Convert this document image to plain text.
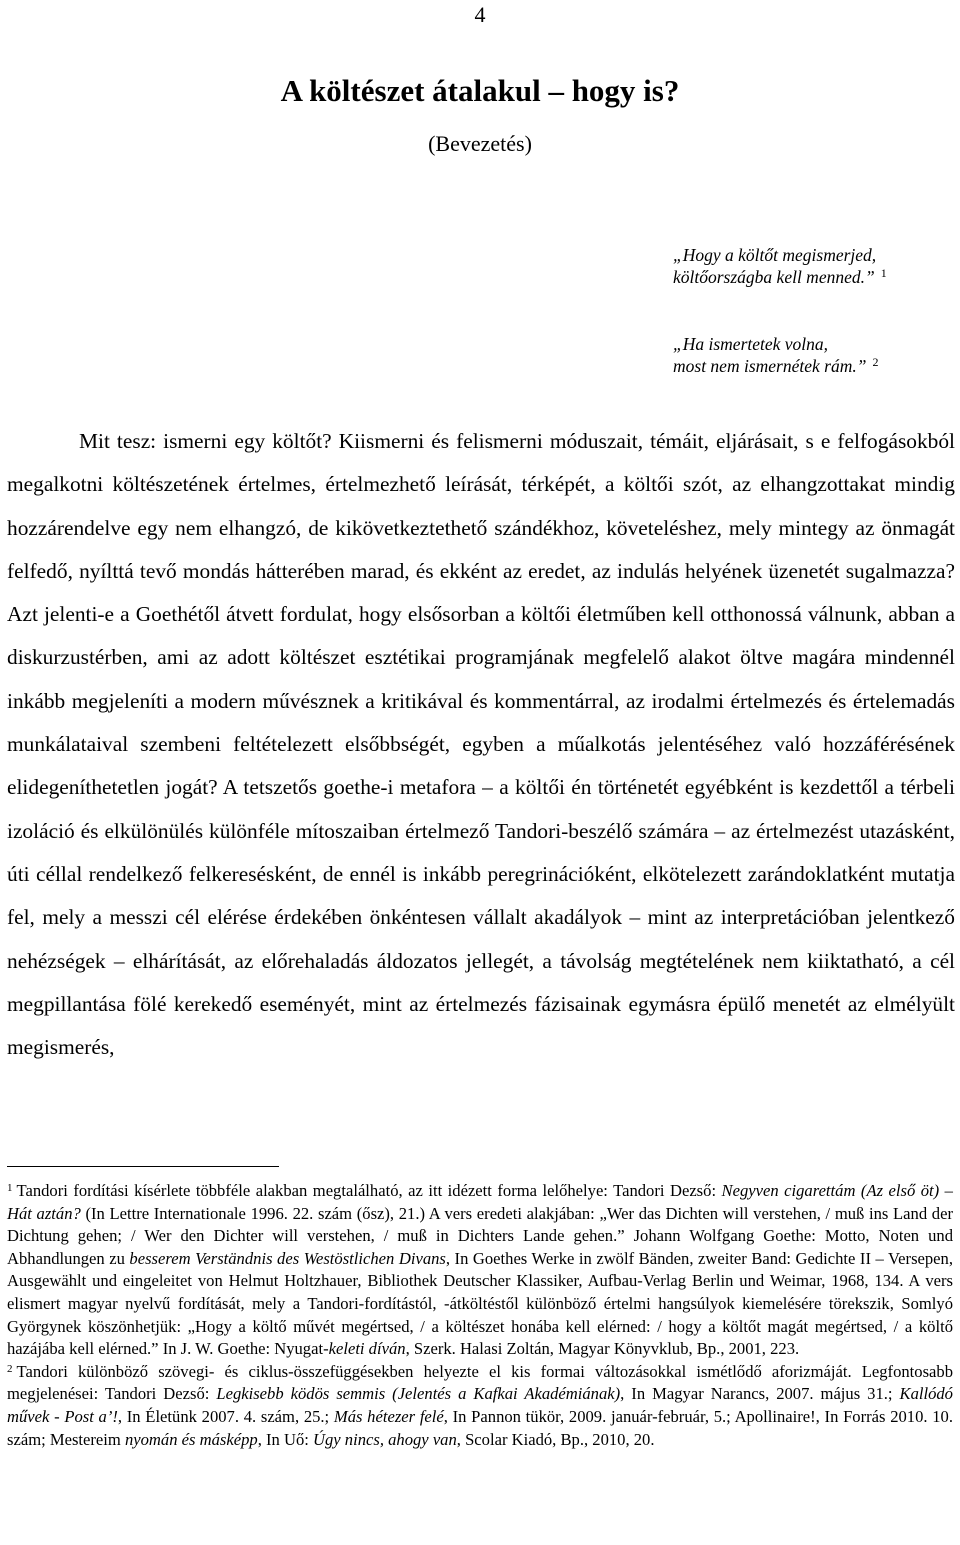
4
A költészet átalakul – hogy is?
(Bevezetés)
„Hogy a költőt megismerjed,
költőországba kell menned.” $^1$
„Ha ismertetek volna,
most nem ismernétek rám.” $^2$

Mit tesz: ismerni egy költőt? Kiismerni és felismerni móduszait, témáit, eljárásait, s e felfogásokból megalkotni költészetének értelmes, értelmezhető leírását, térképét, a költői szót, az elhangzottakat mindig hozzárendelve egy nem elhangzó, de kikövetkeztethető szándékhoz, követeléshez, mely mintegy az önmagát felfedő, nyílttá tevő mondás hátterében marad, és ekként az eredet, az indulás helyének üzenetét sugalmazza? Azt jelenti-e a Goethétől átvett fordulat, hogy elsősorban a költői életműben kell otthonossá válnunk, abban a diskurzustérben, ami az adott költészet esztétikai programjának megfelelő alakot öltve magára mindennél inkább megjeleníti a modern művésznek a kritikával és kommentárral, az irodalmi értelmezés és értelemadás munkálataival szembeni feltételezett elsőbbségét, egyben a műalkotás jelentéséhez való hozzáférésének elidegeníthetetlen jogát? A tetszetős goethe-i metafora – a költői én történetét egyébként is kezdettől a térbeli izoláció és elkülönülés különféle mítoszaiban értelmező Tandori-beszélő számára – az értelmezést utazásként, úti céllal rendelkező felkeresésként, de ennél is inkább peregrinációként, elkötelezett zarándoklatként mutatja fel, mely a messzi cél elérése érdekében önkéntesen vállalt akadályok – mint az interpretációban jelentkező nehézségek – elhárítását, az előrehaladás áldozatos jellegét, a távolság megtételének nem kiiktatható, a cél megpillantása fölé kerekedő eseményét, mint az értelmezés fázisainak egymásra épülő menetét az elmélyült megismerés,

$^1$ Tandori fordítási kísérlete többféle alakban megtalálható, az itt idézett forma lelőhelye: Tandori Dezső: Negyven cigarettám (Az első öt) – Hát aztán? (In Lettre Internationale 1996. 22. szám (ősz), 21.) A vers eredeti alakjában: „Wer das Dichten will verstehen, / muß ins Land der Dichtung gehen; / Wer den Dichter will verstehen, / muß in Dichters Lande gehen.” Johann Wolfgang Goethe: Motto, Noten und Abhandlungen zu besserem Verständnis des Westöstlichen Divans, In Goethes Werke in zwölf Bänden, zweiter Band: Gedichte II – Versepen, Ausgewählt und eingeleitet von Helmut Holtzhauer, Bibliothek Deutscher Klassiker, Aufbau-Verlag Berlin und Weimar, 1968, 134. A vers elismert magyar nyelvű fordítását, mely a Tandori-fordítástól, -átköltéstől különböző értelmi hangsúlyok kiemelésére törekszik, Somlyó Györgynek köszönhetjük: „Hogy a költő művét megértsed, / a költészet honába kell elérned: / hogy a költőt magát megértsed, / a költő hazájába kell elérned.” In J. W. Goethe: Nyugat-keleti díván, Szerk. Halasi Zoltán, Magyar Könyvklub, Bp., 2001, 223.

$^2$ Tandori különböző szövegi- és ciklus-összefüggésekben helyezte el kis formai változásokkal ismétlődő aforizmáját. Legfontosabb megjelenései: Tandori Dezső: Legkisebb ködös semmis (Jelentés a Kafkai Akadémiának), In Magyar Narancs, 2007. május 31.; Kallódó művek - Post a’!, In Életünk 2007. 4. szám, 25.; Más hétezer felé, In Pannon tükör, 2009. január-február, 5.; Apollinaire!, In Forrás 2010. 10. szám; Mestereim nyomán és másképp, In Uő: Úgy nincs, ahogy van, Scolar Kiadó, Bp., 2010, 20.
